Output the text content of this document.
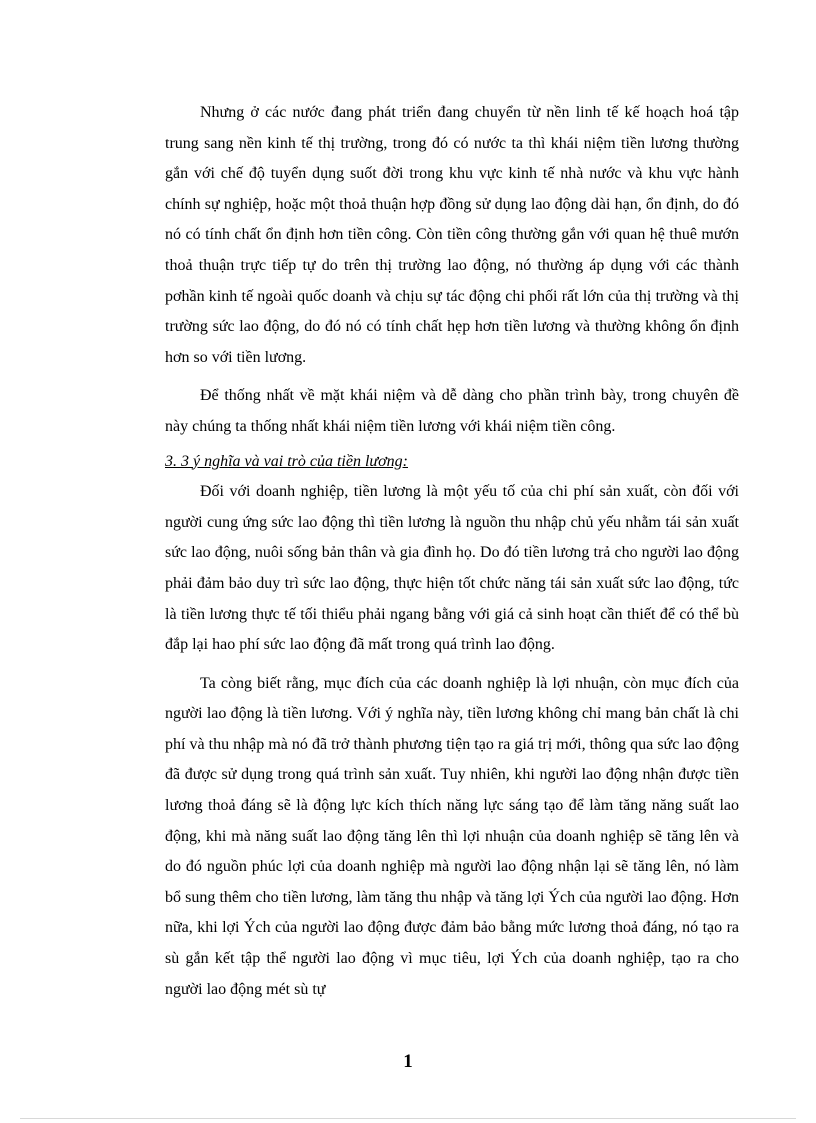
Nhưng ở các nước đang phát triển đang chuyển từ nền linh tế kế hoạch hoá tập trung sang nền kinh tế thị trường, trong đó có nước ta thì khái niệm tiền lương thường gắn với chế độ tuyển dụng suốt đời trong khu vực kinh tế nhà nước và khu vực hành chính sự nghiệp, hoặc một thoả thuận hợp đồng sử dụng lao động dài hạn, ổn định, do đó nó có tính chất ổn định hơn tiền công. Còn tiền công thường gắn với quan hệ thuê mướn thoả thuận trực tiếp tự do trên thị trường lao động, nó thường áp dụng với các thành pơhần kinh tế ngoài quốc doanh và chịu sự tác động chi phối rất lớn của thị trường và thị trường sức lao động, do đó nó có tính chất hẹp hơn tiền lương và thường không ổn định hơn so với tiền lương.

Để thống nhất về mặt khái niệm và dễ dàng cho phần trình bày, trong chuyên đề này chúng ta thống nhất khái niệm tiền lương với khái niệm tiền công.

3. 3 ý nghĩa và vai trò của tiền lương:

Đối với doanh nghiệp, tiền lương là một yếu tố của chi phí sản xuất, còn đối với người cung ứng sức lao động thì tiền lương là nguồn thu nhập chủ yếu nhằm tái sản xuất sức lao động, nuôi sống bản thân và gia đình họ. Do đó tiền lương trả cho người lao động phải đảm bảo duy trì sức lao động, thực hiện tốt chức năng tái sản xuất sức lao động, tức là tiền lương thực tế tối thiểu phải ngang bằng với giá cả sinh hoạt cần thiết để có thể bù đắp lại hao phí sức lao động đã mất trong quá trình lao động.

Ta còng biết rằng, mục đích của các doanh nghiệp là lợi nhuận, còn mục đích của người lao động là tiền lương. Với ý nghĩa này, tiền lương không chỉ mang bản chất là chi phí và thu nhập mà nó đã trở thành phương tiện tạo ra giá trị mới, thông qua sức lao động đã được sử dụng trong quá trình sản xuất. Tuy nhiên, khi người lao động nhận được tiền lương thoả đáng sẽ là động lực kích thích năng lực sáng tạo để làm tăng năng suất lao động, khi mà năng suất lao động tăng lên thì lợi nhuận của doanh nghiệp sẽ tăng lên và do đó nguồn phúc lợi của doanh nghiệp mà người lao động nhận lại sẽ tăng lên, nó làm bổ sung thêm cho tiền lương, làm tăng thu nhập và tăng lợi Ých của người lao động. Hơn nữa, khi lợi Ých của người lao động được đảm bảo bằng mức lương thoả đáng, nó tạo ra sù gắn kết tập thể người lao động vì mục tiêu, lợi Ých của doanh nghiệp, tạo ra cho người lao động mét sù tự

1
